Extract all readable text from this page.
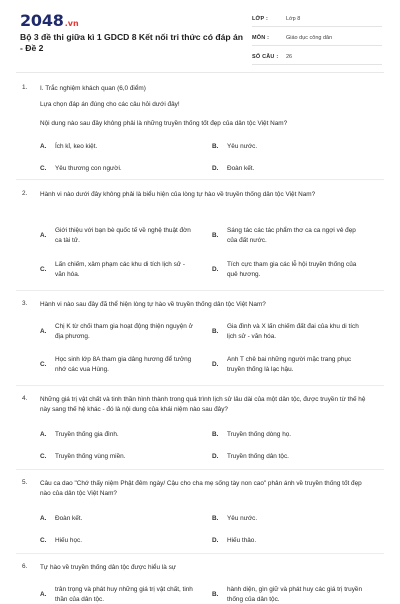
2048.vn
Bộ 3 đề thi giữa kì 1 GDCD 8 Kết nối tri thức có đáp án - Đề 2
LỚP :	Lớp 8
MÔN :	Giáo dục công dân
SỐ CÂU :	26
1. I. Trắc nghiệm khách quan (6,0 điểm)
Lựa chọn đáp án đúng cho các câu hỏi dưới đây!
Nội dung nào sau đây không phải là những truyền thống tốt đẹp của dân tộc Việt Nam?
A. Ích kỉ, keo kiệt.	B. Yêu nước.
C. Yêu thương con người.	D. Đoàn kết.
2. Hành vi nào dưới đây không phải là biểu hiện của lòng tự hào về truyền thống dân tộc Việt Nam?
A.
Giới thiệu với bạn bè quốc tế về nghệ thuật đờn ca tài tử.
B.
Sáng tác các tác phẩm thơ ca ca ngợi vẻ đẹp của đất nước.
C.
Lấn chiếm, xâm phạm các khu di tích lịch sử - văn hóa.
D.
Tích cực tham gia các lễ hội truyền thống của quê hương.
3. Hành vi nào sau đây đã thể hiện lòng tự hào về truyền thống dân tộc Việt Nam?
A.
Chị K từ chối tham gia hoạt động thiện nguyện ở địa phương.
B.
Gia đình và X lấn chiếm đất đai của khu di tích lịch sử - văn hóa.
C.
Học sinh lớp 8A tham gia dâng hương để tưởng nhớ các vua Hùng.
D.
Anh T chê bai những người mặc trang phục truyền thống là lạc hậu.
4. Những giá trị vật chất và tinh thần hình thành trong quá trình lịch sử lâu dài của một dân tộc, được truyền từ thế hệ này sang thế hệ khác - đó là nội dung của khái niệm nào sau đây?
A. Truyền thống gia đình.	B. Truyền thống dòng họ.
C. Truyền thống vùng miền.	D. Truyền thống dân tộc.
5. Câu ca dao "Chớ thấy niệm Phật đêm ngày/ Cậu cho cha mẹ sống tày non cao" phản ánh về truyền thống tốt đẹp nào của dân tộc Việt Nam?
A. Đoàn kết.	B. Yêu nước.
C. Hiếu học.	D. Hiếu thảo.
6. Tự hào về truyền thống dân tộc được hiểu là sự
A.
trân trọng và phát huy những giá trị vật chất, tinh thần của dân tộc.
B.
hành diện, gìn giữ và phát huy các giá trị truyền thống của dân tộc.
